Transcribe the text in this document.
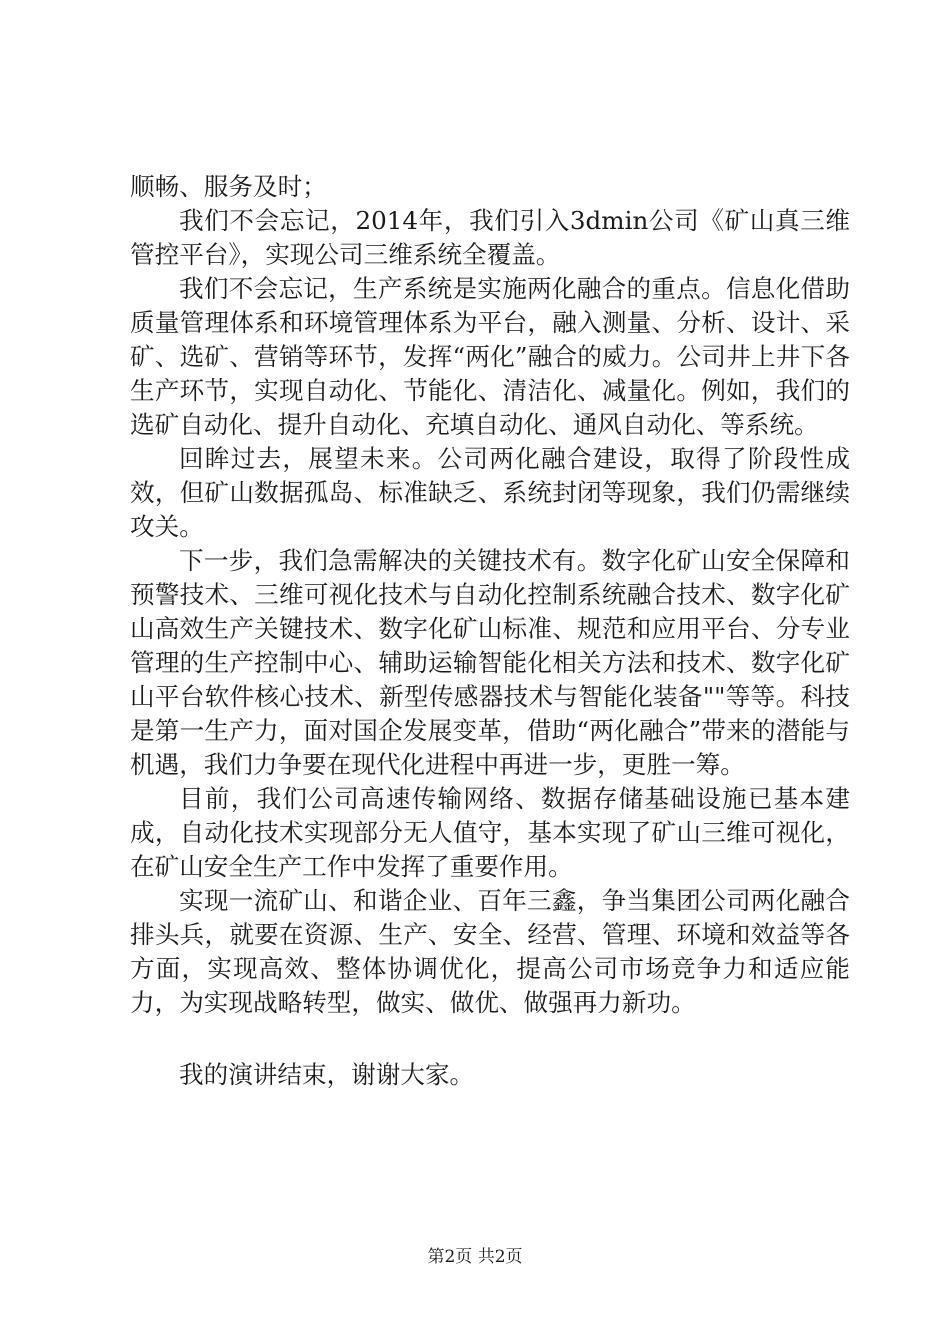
顺畅、服务及时；

我们不会忘记，2014年，我们引入3dmin公司《矿山真三维管控平台》，实现公司三维系统全覆盖。

我们不会忘记，生产系统是实施两化融合的重点。信息化借助质量管理体系和环境管理体系为平台，融入测量、分析、设计、采矿、选矿、营销等环节，发挥“两化”融合的威力。公司井上井下各生产环节，实现自动化、节能化、清洁化、减量化。例如，我们的选矿自动化、提升自动化、充填自动化、通风自动化、等系统。

回眸过去，展望未来。公司两化融合建设，取得了阶段性成效，但矿山数据孤岛、标准缺乏、系统封闭等现象，我们仍需继续攻关。

下一步，我们急需解决的关键技术有。数字化矿山安全保障和预警技术、三维可视化技术与自动化控制系统融合技术、数字化矿山高效生产关键技术、数字化矿山标准、规范和应用平台、分专业管理的生产控制中心、辅助运输智能化相关方法和技术、数字化矿山平台软件核心技术、新型传感器技术与智能化装备""等等。科技是第一生产力，面对国企发展变革，借助“两化融合”带来的潜能与机遇，我们力争要在现代化进程中再进一步，更胜一筹。

目前，我们公司高速传输网络、数据存储基础设施已基本建成，自动化技术实现部分无人值守，基本实现了矿山三维可视化，在矿山安全生产工作中发挥了重要作用。

实现一流矿山、和谐企业、百年三鑫，争当集团公司两化融合排头兵，就要在资源、生产、安全、经营、管理、环境和效益等各方面，实现高效、整体协调优化，提高公司市场竞争力和适应能力，为实现战略转型，做实、做优、做强再力新功。

我的演讲结束，谢谢大家。

第2页 共2页
